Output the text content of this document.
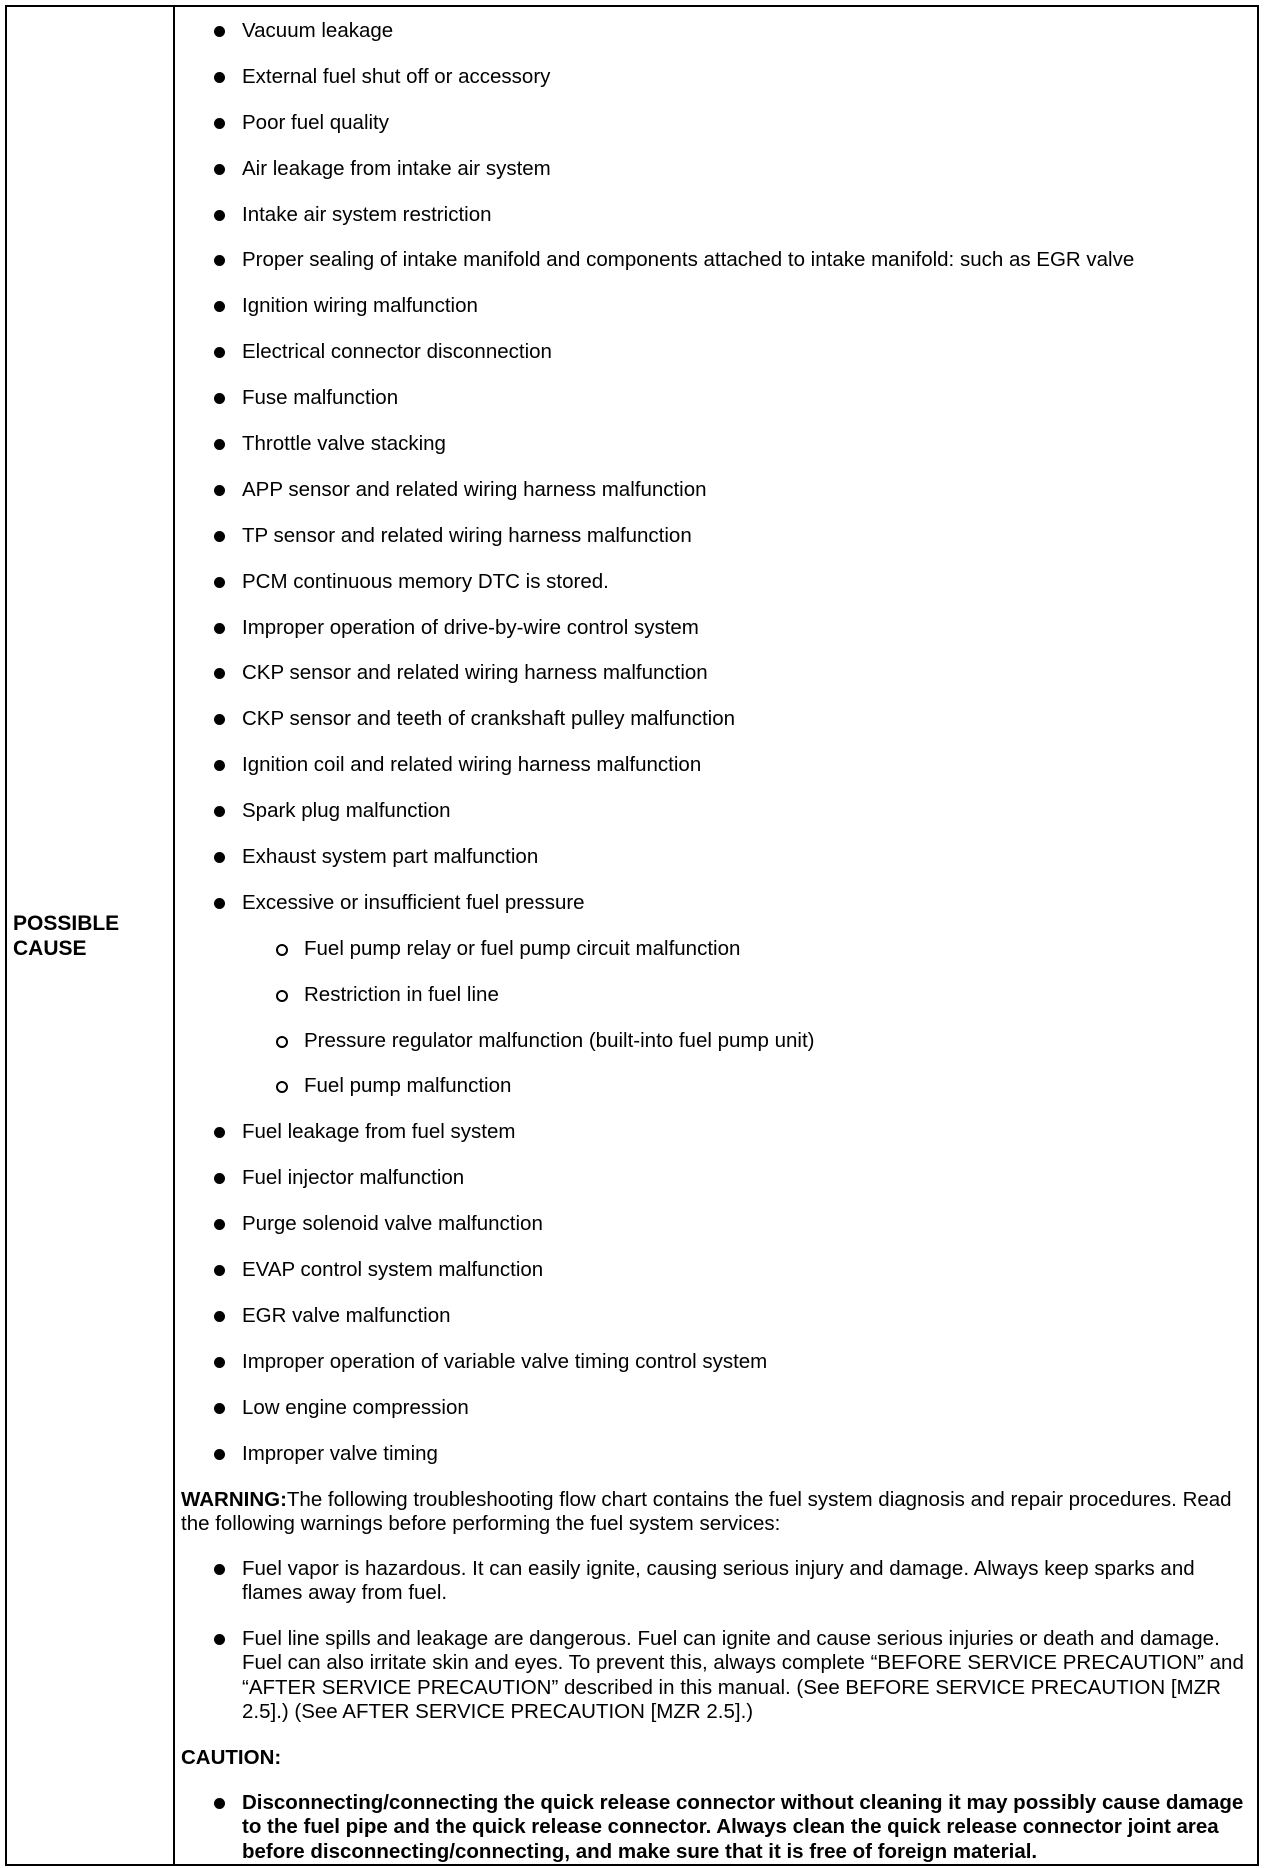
POSSIBLE
CAUSE

Vacuum leakage
External fuel shut off or accessory
Poor fuel quality
Air leakage from intake air system
Intake air system restriction
Proper sealing of intake manifold and components attached to intake manifold: such as EGR valve
Ignition wiring malfunction
Electrical connector disconnection
Fuse malfunction
Throttle valve stacking
APP sensor and related wiring harness malfunction
TP sensor and related wiring harness malfunction
PCM continuous memory DTC is stored.
Improper operation of drive-by-wire control system
CKP sensor and related wiring harness malfunction
CKP sensor and teeth of crankshaft pulley malfunction
Ignition coil and related wiring harness malfunction
Spark plug malfunction
Exhaust system part malfunction
Excessive or insufficient fuel pressure
Fuel pump relay or fuel pump circuit malfunction
Restriction in fuel line
Pressure regulator malfunction (built-into fuel pump unit)
Fuel pump malfunction
Fuel leakage from fuel system
Fuel injector malfunction
Purge solenoid valve malfunction
EVAP control system malfunction
EGR valve malfunction
Improper operation of variable valve timing control system
Low engine compression
Improper valve timing
WARNING:The following troubleshooting flow chart contains the fuel system diagnosis and repair procedures. Read the following warnings before performing the fuel system services:
Fuel vapor is hazardous. It can easily ignite, causing serious injury and damage. Always keep sparks and flames away from fuel.
Fuel line spills and leakage are dangerous. Fuel can ignite and cause serious injuries or death and damage. Fuel can also irritate skin and eyes. To prevent this, always complete “BEFORE SERVICE PRECAUTION” and “AFTER SERVICE PRECAUTION” described in this manual. (See BEFORE SERVICE PRECAUTION [MZR 2.5].) (See AFTER SERVICE PRECAUTION [MZR 2.5].)
CAUTION:
Disconnecting/connecting the quick release connector without cleaning it may possibly cause damage to the fuel pipe and the quick release connector. Always clean the quick release connector joint area before disconnecting/connecting, and make sure that it is free of foreign material.
